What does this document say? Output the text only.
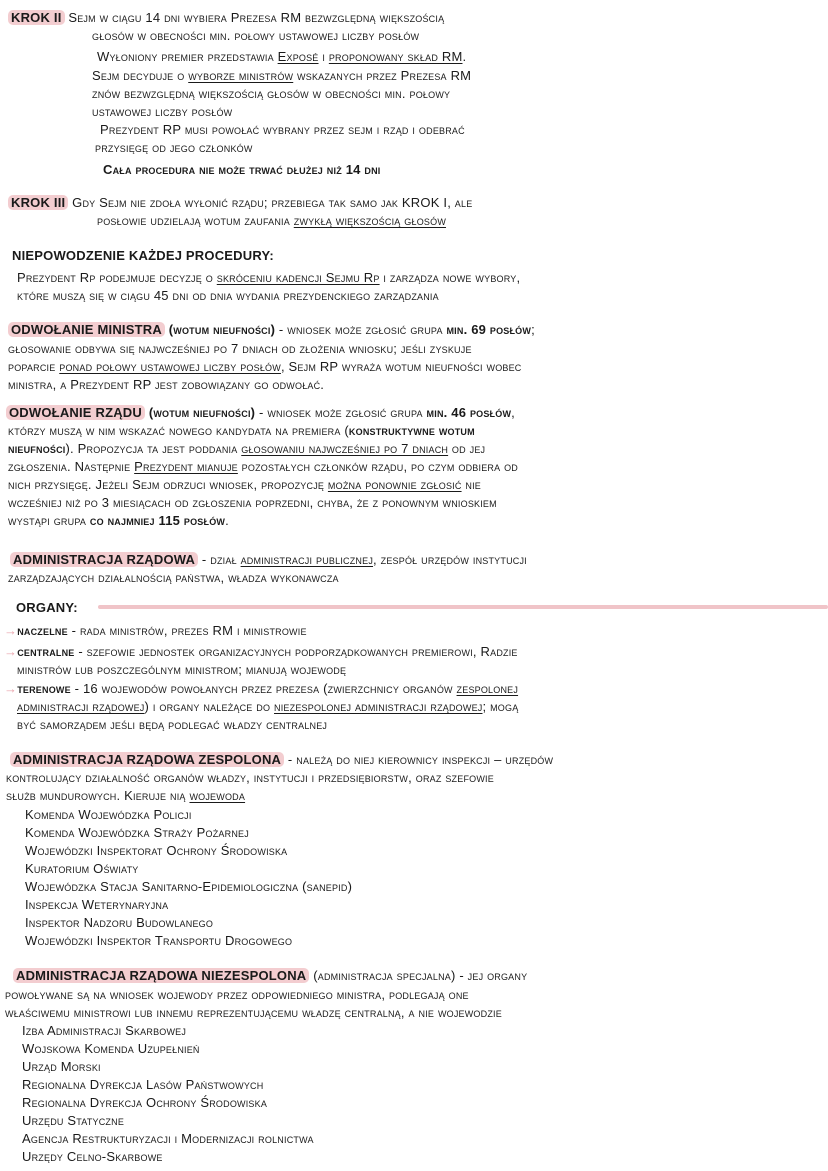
KROK II Sejm w ciągu 14 dni wybiera Prezesa RM bezwzględną większością
głosów w obecności min. połowy ustawowej liczby posłów
Wyłoniony premier przedstawia Exposé i proponowany skład RM.
Sejm decyduje o wyborze ministrów wskazanych przez Prezesa RM
znów bezwzględną większością głosów w obecności min. połowy
ustawowej liczby posłów
Prezydent RP musi powołać wybrany przez sejm i rząd i odebrać
przysięgę od jego członków
Cała procedura nie może trwać dłużej niż 14 dni
KROK III Gdy Sejm nie zdoła wyłonić rządu; przebiega tak samo jak KROK I, ale
posłowie udzielają wotum zaufania zwykłą większością głosów
NIEPOWODZENIE KAŻDEJ PROCEDURY:
Prezydent Rp podejmuje decyzję o skróceniu kadencji Sejmu Rp i zarządza nowe wybory,
które muszą się w ciągu 45 dni od dnia wydania prezydenckiego zarządzania
ODWOŁANIE MINISTRA (wotum nieufności) - wniosek może zgłosić grupa min. 69 posłów;
głosowanie odbywa się najwcześniej po 7 dniach od złożenia wniosku; jeśli zyskuje
poparcie ponad połowy ustawowej liczby posłów, Sejm RP wyraża wotum nieufności wobec
ministra, a Prezydent RP jest zobowiązany go odwołać.
ODWOŁANIE RZĄDU (wotum nieufności) - wniosek może zgłosić grupa min. 46 posłów,
którzy muszą w nim wskazać nowego kandydata na premiera (konstruktywne wotum
nieufności). Propozycja ta jest poddania głosowaniu najwcześniej po 7 dniach od jej
zgłoszenia. Następnie Prezydent mianuje pozostałych członków rządu, po czym odbiera od
nich przysięgę. Jeżeli Sejm odrzuci wniosek, propozycję można ponownie zgłosić nie
wcześniej niż po 3 miesiącach od zgłoszenia poprzedni, chyba, że z ponownym wnioskiem
wystąpi grupa co najmniej 115 posłów.
ADMINISTRACJA RZĄDOWA - dział administracji publicznej, zespół urzędów instytucji
zarządzających działalnością państwa, władza wykonawcza
ORGANY:
→naczelne - rada ministrów, prezes RM i ministrowie
→centralne - szefowie jednostek organizacyjnych podporządkowanych premierowi, Radzie
ministrów lub poszczególnym ministrom; mianują wojewodę
→terenowe - 16 wojewodów powołanych przez prezesa (zwierzchnicy organów zespolonej
administracji rządowej) i organy należące do niezespolonej administracji rządowej; mogą
być samorządem jeśli będą podlegać władzy centralnej
ADMINISTRACJA RZĄDOWA ZESPOLONA - należą do niej kierownicy inspekcji – urzędów
kontrolujący działalność organów władzy, instytucji i przedsiębiorstw, oraz szefowie
służb mundurowych. Kieruje nią wojewoda
Komenda Wojewódzka Policji
Komenda Wojewódzka Straży Pożarnej
Wojewódzki Inspektorat Ochrony Środowiska
Kuratorium Oświaty
Wojewódzka Stacja Sanitarno-Epidemiologiczna (sanepid)
Inspekcja Weterynaryjna
Inspektor Nadzoru Budowlanego
Wojewódzki Inspektor Transportu Drogowego
ADMINISTRACJA RZĄDOWA NIEZESPOLONA (administracja specjalna) - jej organy
powoływane są na wniosek wojewody przez odpowiedniego ministra, podlegają one
właściwemu ministrowi lub innemu reprezentującemu władzę centralną, a nie wojewodzie
Izba Administracji Skarbowej
Wojskowa Komenda Uzupełnień
Urząd Morski
Regionalna Dyrekcja Lasów Państwowych
Regionalna Dyrekcja Ochrony Środowiska
Urzędu Statyczne
Agencja Restrukturyzacji i Modernizacji rolnictwa
Urzędy Celno-Skarbowe
